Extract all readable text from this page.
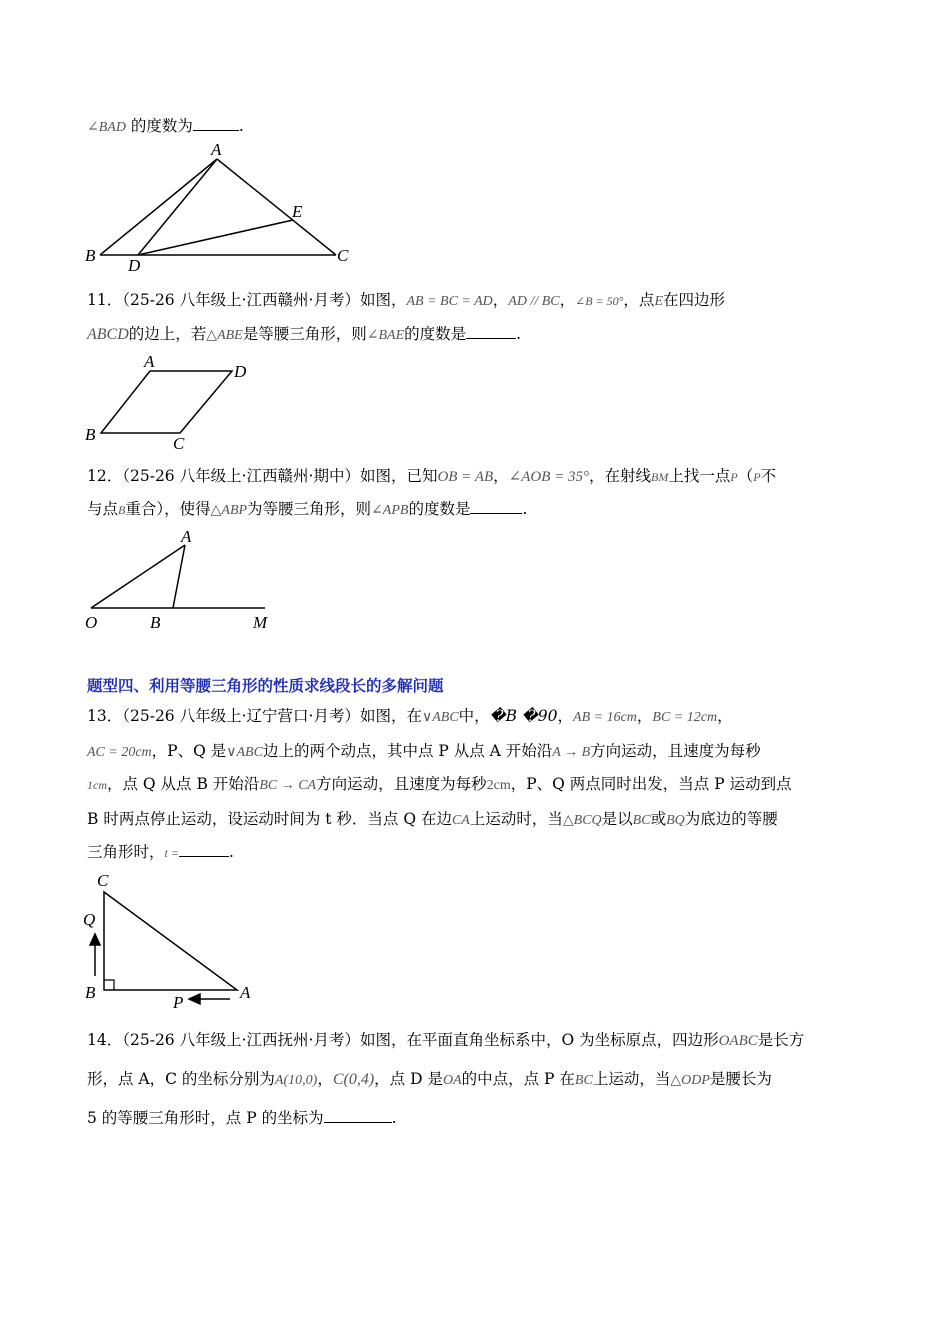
∠BAD 的度数为	.
A
B	C
D
E
11．（25-26 八年级上·江西赣州·月考）如图，AB = BC = AD，AD // BC，∠B = 50°，点E在四边形
ABCD的边上，若△ABE是等腰三角形，则∠BAE的度数是	.
A
D
B	C
12．（25-26 八年级上·江西赣州·期中）如图，已知OB = AB，∠AOB = 35°，在射线BM上找一点P（P不
与点B重合），使得△ABP为等腰三角形，则∠APB的度数是	.
A
O	B	M
题型四、利用等腰三角形的性质求线段长的多解问题
13．（25-26 八年级上·辽宁营口·月考）如图，在∨ABC中，�B �90，AB = 16cm，BC = 12cm，
AC = 20cm，P、Q 是∨ABC边上的两个动点，其中点 P 从点 A 开始沿A → B方向运动，且速度为每秒
1cm，点 Q 从点 B 开始沿BC → CA方向运动，且速度为每秒2cm，P、Q 两点同时出发，当点 P 运动到点
B 时两点停止运动，设运动时间为 t 秒．当点 Q 在边CA上运动时，当△BCQ是以BC或BQ为底边的等腰
三角形时，t =	.
C
Q
B	A
P
14．（25-26 八年级上·江西抚州·月考）如图，在平面直角坐标系中，O 为坐标原点，四边形OABC是长方
形，点 A，C 的坐标分别为A(10,0)，C(0,4)，点 D 是OA的中点，点 P 在BC上运动，当△ODP是腰长为
5 的等腰三角形时，点 P 的坐标为	.
